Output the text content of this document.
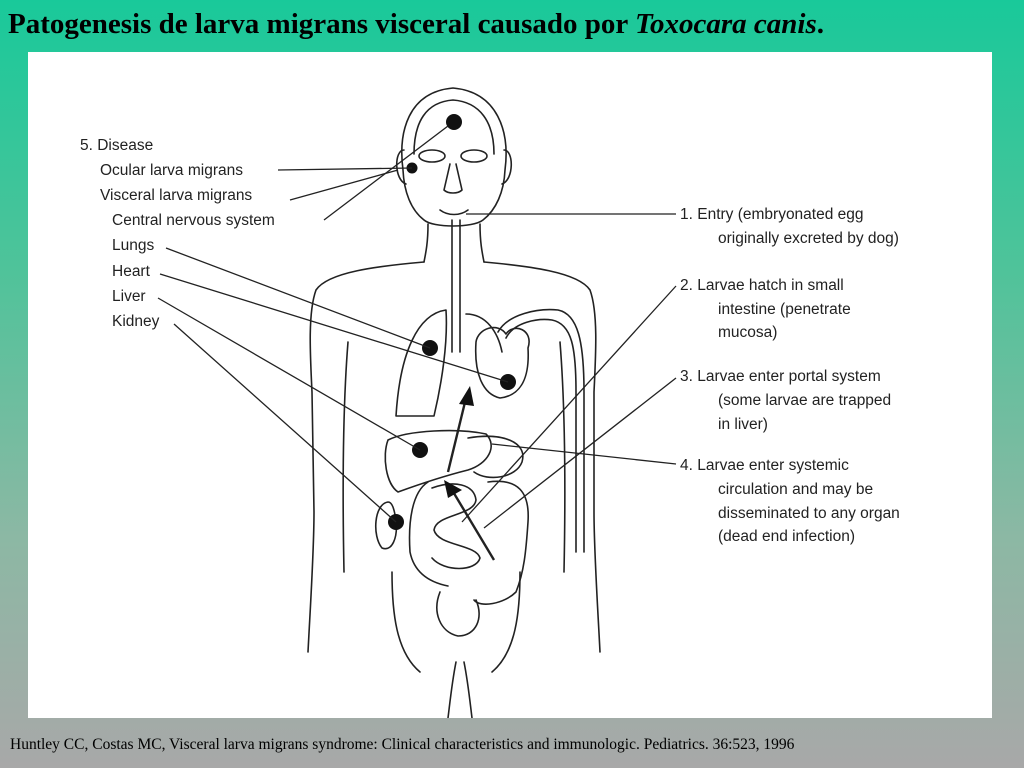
Patogenesis de larva migrans visceral causado por Toxocara canis.
5. Disease
Ocular larva migrans
Visceral larva migrans
Central nervous system
Lungs
Heart
Liver
Kidney
1. Entry (embryonated egg
originally excreted by dog)
2. Larvae hatch in small
intestine (penetrate
mucosa)
3. Larvae enter portal system
(some larvae are trapped
in liver)
4. Larvae enter systemic
circulation and may be
disseminated to any organ
(dead end infection)
Huntley CC, Costas MC, Visceral larva migrans syndrome: Clinical characteristics and immunologic. Pediatrics. 36:523, 1996
